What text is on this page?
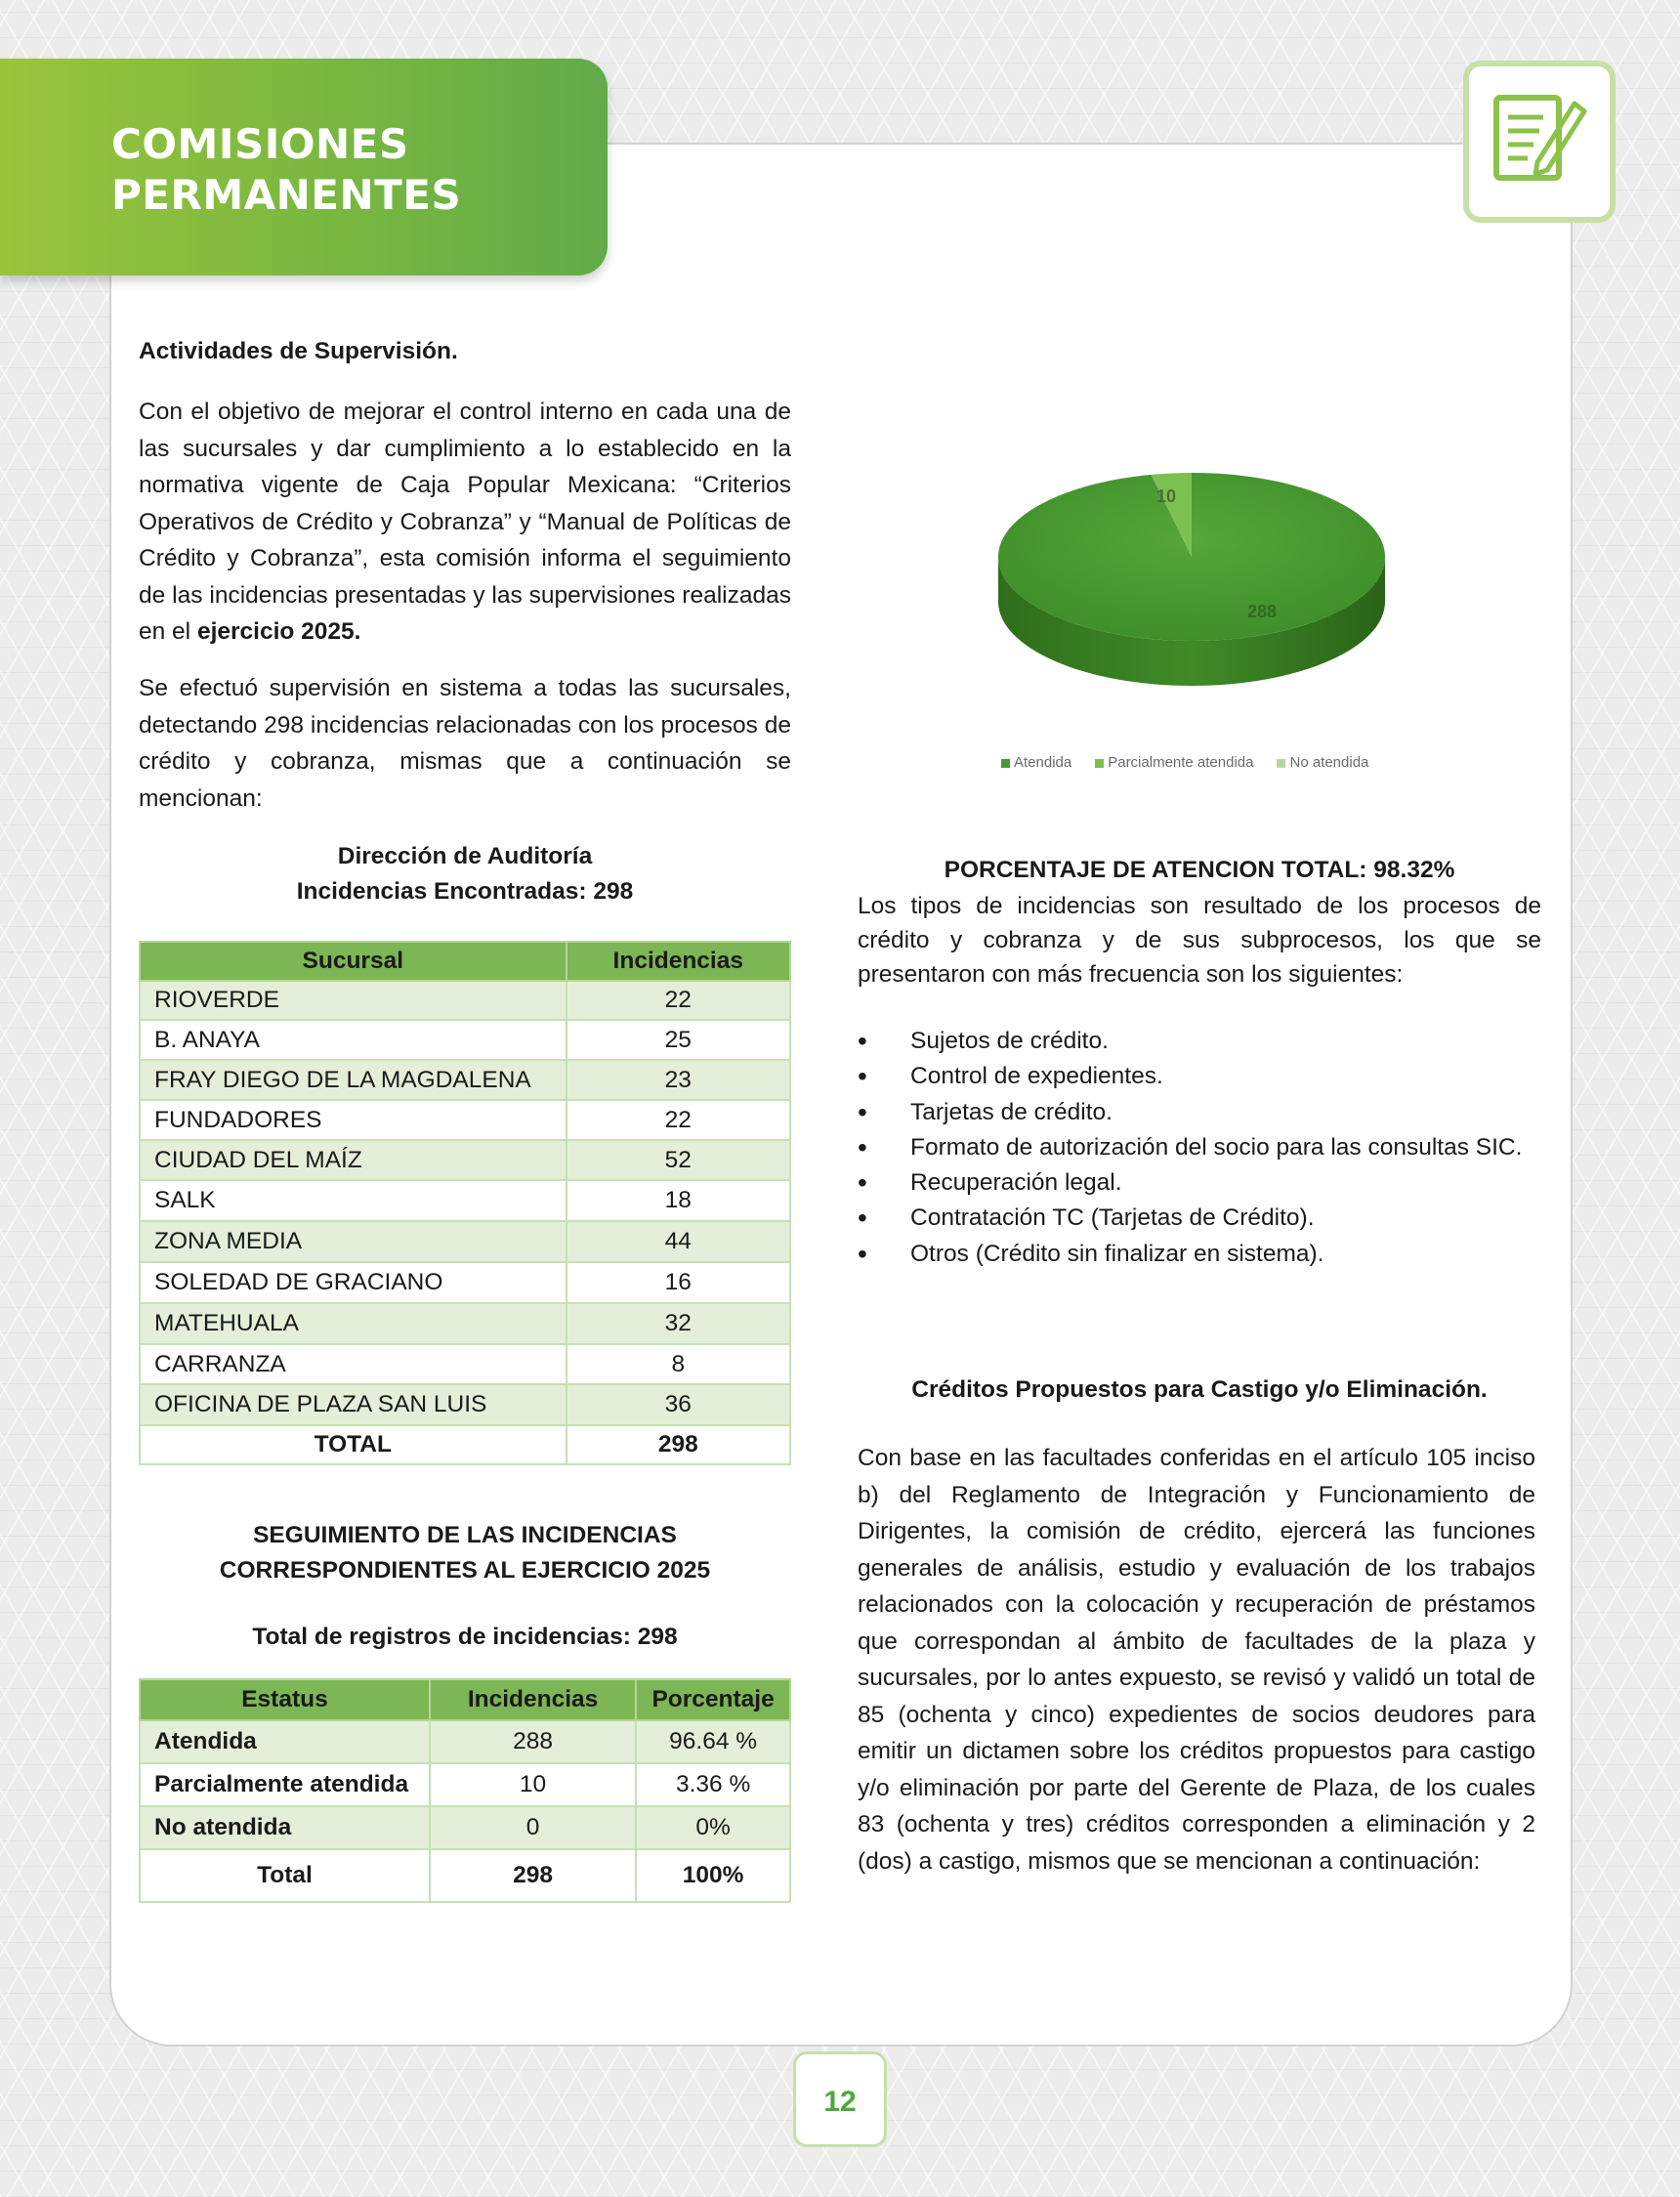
COMISIONES
PERMANENTES
Actividades de Supervisión.

Con el objetivo de mejorar el control interno en cada una de las sucursales y dar cumplimiento a lo establecido en la normativa vigente de Caja Popular Mexicana: “Criterios Operativos de Crédito y Cobranza” y “Manual de Políticas de Crédito y Cobranza”, esta comisión informa el seguimiento de las incidencias presentadas y las supervisiones realizadas en el ejercicio 2025.

Se efectuó supervisión en sistema a todas las sucursales, detectando 298 incidencias relacionadas con los procesos de crédito y cobranza, mismas que a continuación se mencionan:

Dirección de Auditoría
Incidencias Encontradas: 298
Sucursal	Incidencias
RIOVERDE	22
B. ANAYA	25
FRAY DIEGO DE LA MAGDALENA	23
FUNDADORES	22
CIUDAD DEL MAÍZ	52
SALK	18
ZONA MEDIA	44
SOLEDAD DE GRACIANO	16
MATEHUALA	32
CARRANZA	8
OFICINA DE PLAZA SAN LUIS	36
TOTAL	298
SEGUIMIENTO DE LAS INCIDENCIAS
CORRESPONDIENTES AL EJERCICIO 2025
Total de registros de incidencias: 298
Estatus	Incidencias	Porcentaje
Atendida	288	96.64 %
Parcialmente atendida	10	3.36 %
No atendida	0	0%
Total	298	100%
288
10
Atendida	Parcialmente atendida	No atendida
PORCENTAJE DE ATENCION TOTAL: 98.32%

Los tipos de incidencias son resultado de los procesos de crédito y cobranza y de sus subprocesos, los que se presentaron con más frecuencia son los siguientes:

• Sujetos de crédito.
• Control de expedientes.
• Tarjetas de crédito.
• Formato de autorización del socio para las consultas SIC.
• Recuperación legal.
• Contratación TC (Tarjetas de Crédito).
• Otros (Crédito sin finalizar en sistema).
Créditos Propuestos para Castigo y/o Eliminación.

Con base en las facultades conferidas en el artículo 105 inciso b) del Reglamento de Integración y Funcionamiento de Dirigentes, la comisión de crédito, ejercerá las funciones generales de análisis, estudio y evaluación de los trabajos relacionados con la colocación y recuperación de préstamos que correspondan al ámbito de facultades de la plaza y sucursales, por lo antes expuesto, se revisó y validó un total de 85 (ochenta y cinco) expedientes de socios deudores para emitir un dictamen sobre los créditos propuestos para castigo y/o eliminación por parte del Gerente de Plaza, de los cuales 83 (ochenta y tres) créditos corresponden a eliminación y 2 (dos) a castigo, mismos que se mencionan a continuación:

12
